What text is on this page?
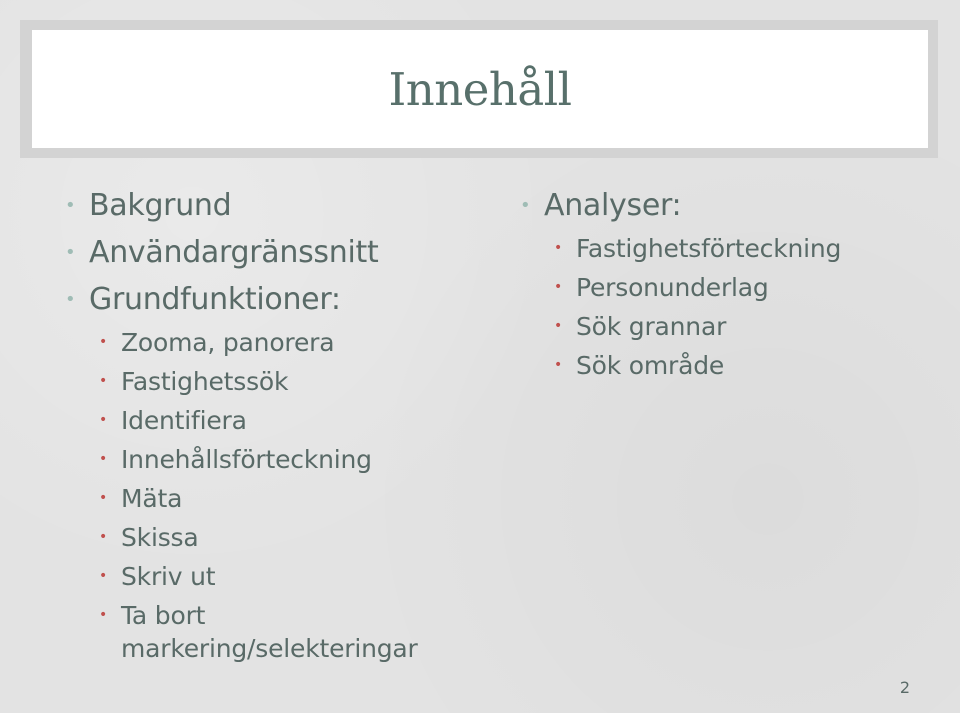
Innehåll
• Bakgrund
• Användargränssnitt
• Grundfunktioner:
• Zooma, panorera
• Fastighetssök
• Identifiera
• Innehållsförteckning
• Mäta
• Skissa
• Skriv ut
• Ta bort
markering/selekteringar
• Analyser:
• Fastighetsförteckning
• Personunderlag
• Sök grannar
• Sök område
2
